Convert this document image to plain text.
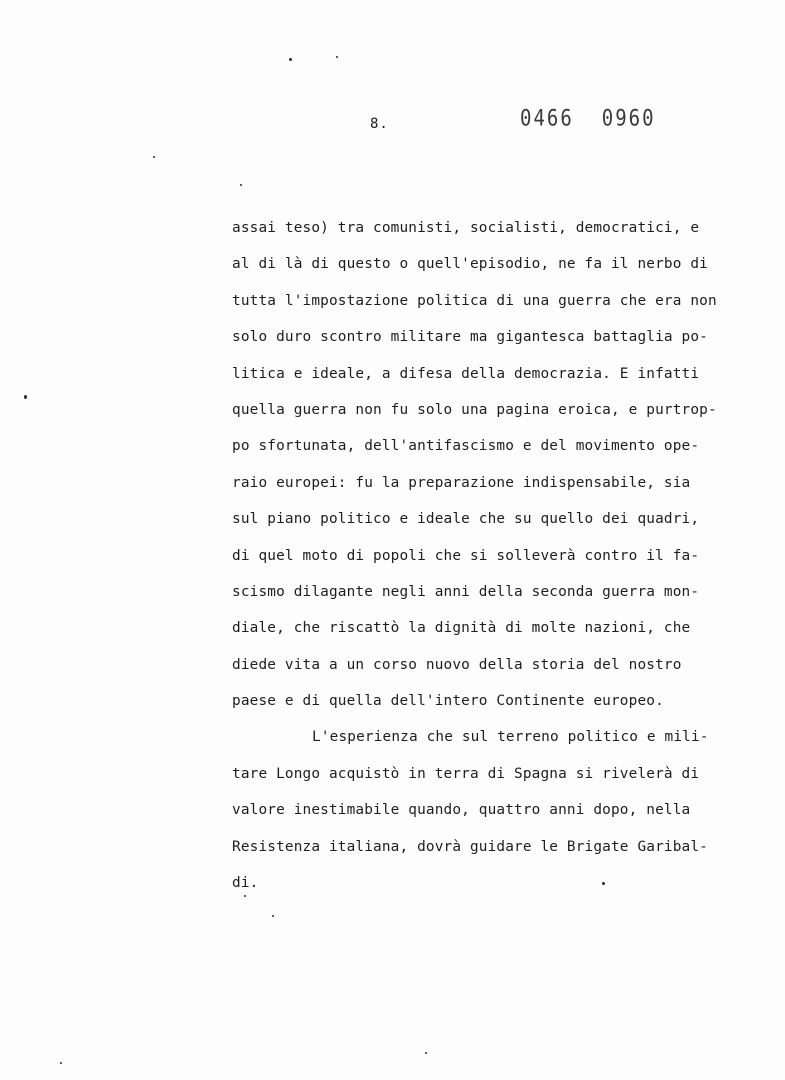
8.	0466 0960
assai teso) tra comunisti, socialisti, democratici, e
al di là di questo o quell'episodio, ne fa il nerbo di
tutta l'impostazione politica di una guerra che era non
solo duro scontro militare ma gigantesca battaglia po-
litica e ideale, a difesa della democrazia. E infatti
quella guerra non fu solo una pagina eroica, e purtrop-
po sfortunata, dell'antifascismo e del movimento ope-
raio europei: fu la preparazione indispensabile, sia
sul piano politico e ideale che su quello dei quadri,
di quel moto di popoli che si solleverà contro il fa-
scismo dilagante negli anni della seconda guerra mon-
diale, che riscattò la dignità di molte nazioni, che
diede vita a un corso nuovo della storia del nostro
paese e di quella dell'intero Continente europeo.
L'esperienza che sul terreno politico e mili-
tare Longo acquistò in terra di Spagna si rivelerà di
valore inestimabile quando, quattro anni dopo, nella
Resistenza italiana, dovrà guidare le Brigate Garibal-
di.
